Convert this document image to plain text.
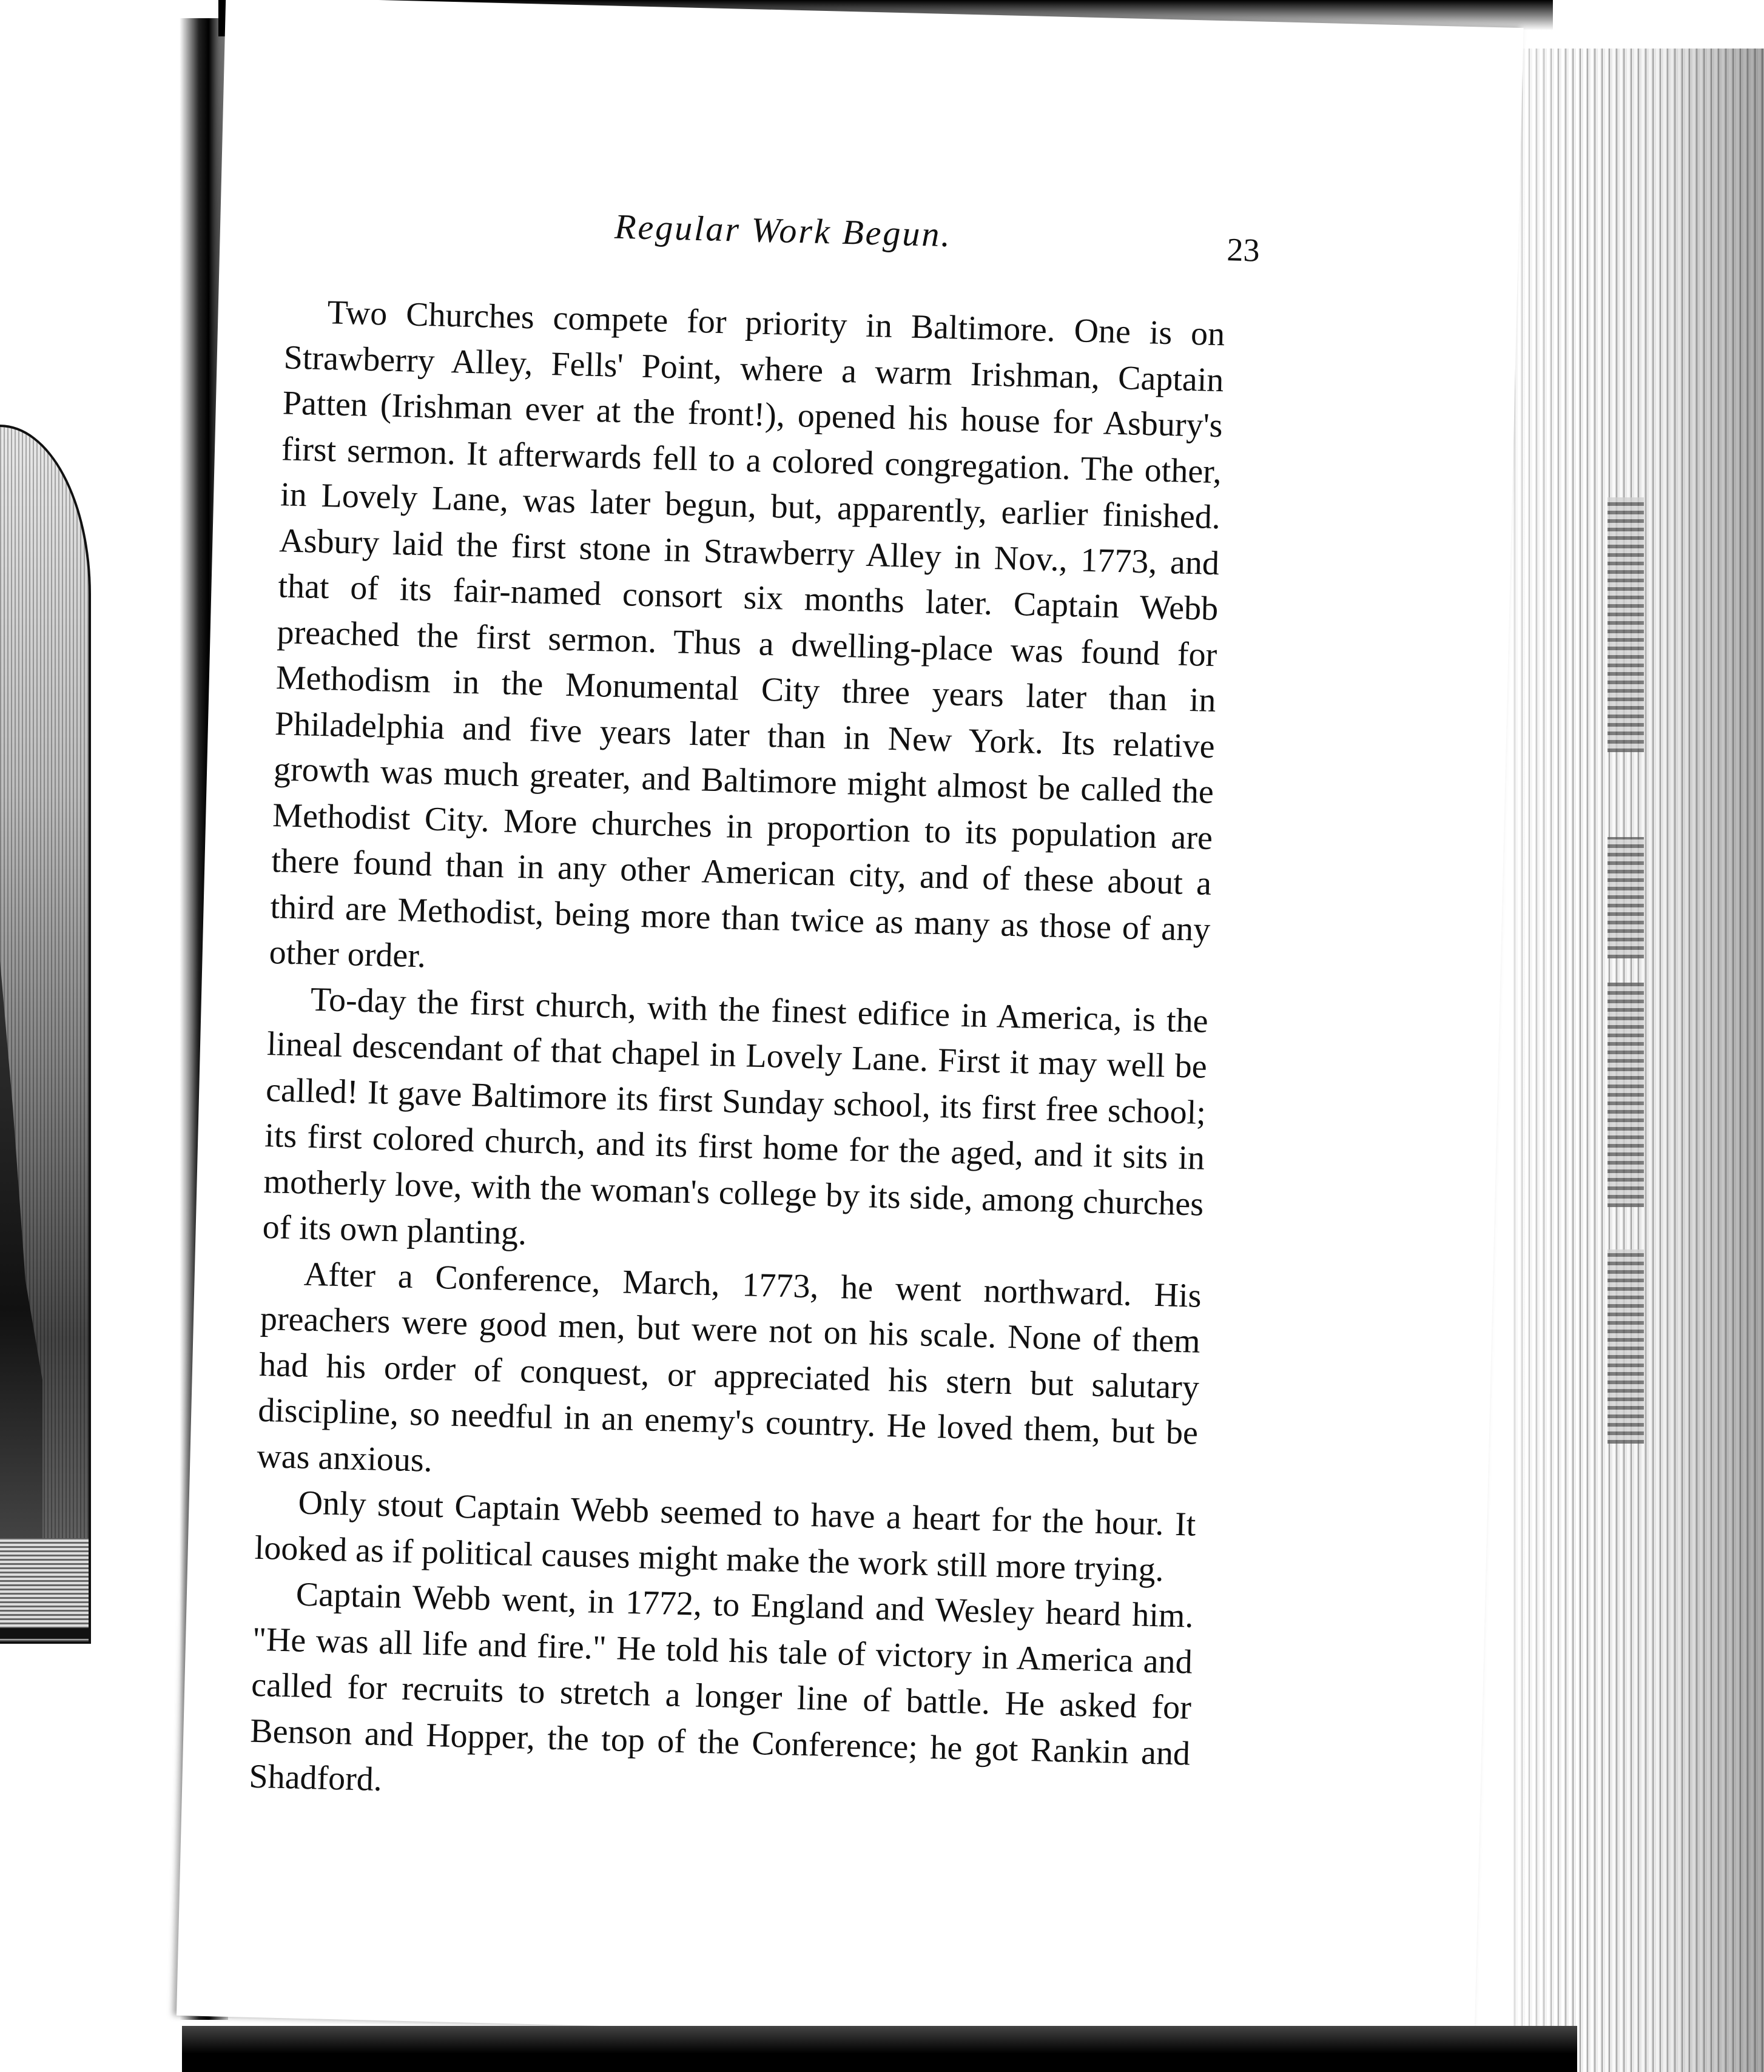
Regular Work Begun.	23

Two Churches compete for priority in Baltimore. One is on Strawberry Alley, Fells' Point, where a warm Irishman, Captain Patten (Irishman ever at the front!), opened his house for Asbury's first sermon. It afterwards fell to a colored congregation. The other, in Lovely Lane, was later begun, but, apparently, earlier finished. Asbury laid the first stone in Strawberry Alley in Nov., 1773, and that of its fair-named consort six months later. Captain Webb preached the first sermon. Thus a dwelling-place was found for Methodism in the Monumental City three years later than in Philadelphia and five years later than in New York. Its relative growth was much greater, and Baltimore might almost be called the Methodist City. More churches in proportion to its population are there found than in any other American city, and of these about a third are Methodist, being more than twice as many as those of any other order.

To-day the first church, with the finest edifice in America, is the lineal descendant of that chapel in Lovely Lane. First it may well be called! It gave Baltimore its first Sunday school, its first free school; its first colored church, and its first home for the aged, and it sits in motherly love, with the woman's college by its side, among churches of its own planting.

After a Conference, March, 1773, he went northward. His preachers were good men, but were not on his scale. None of them had his order of conquest, or appreciated his stern but salutary discipline, so needful in an enemy's country. He loved them, but be was anxious.

Only stout Captain Webb seemed to have a heart for the hour. It looked as if political causes might make the work still more trying.

Captain Webb went, in 1772, to England and Wesley heard him. "He was all life and fire." He told his tale of victory in America and called for recruits to stretch a longer line of battle. He asked for Benson and Hopper, the top of the Conference; he got Rankin and Shadford.
